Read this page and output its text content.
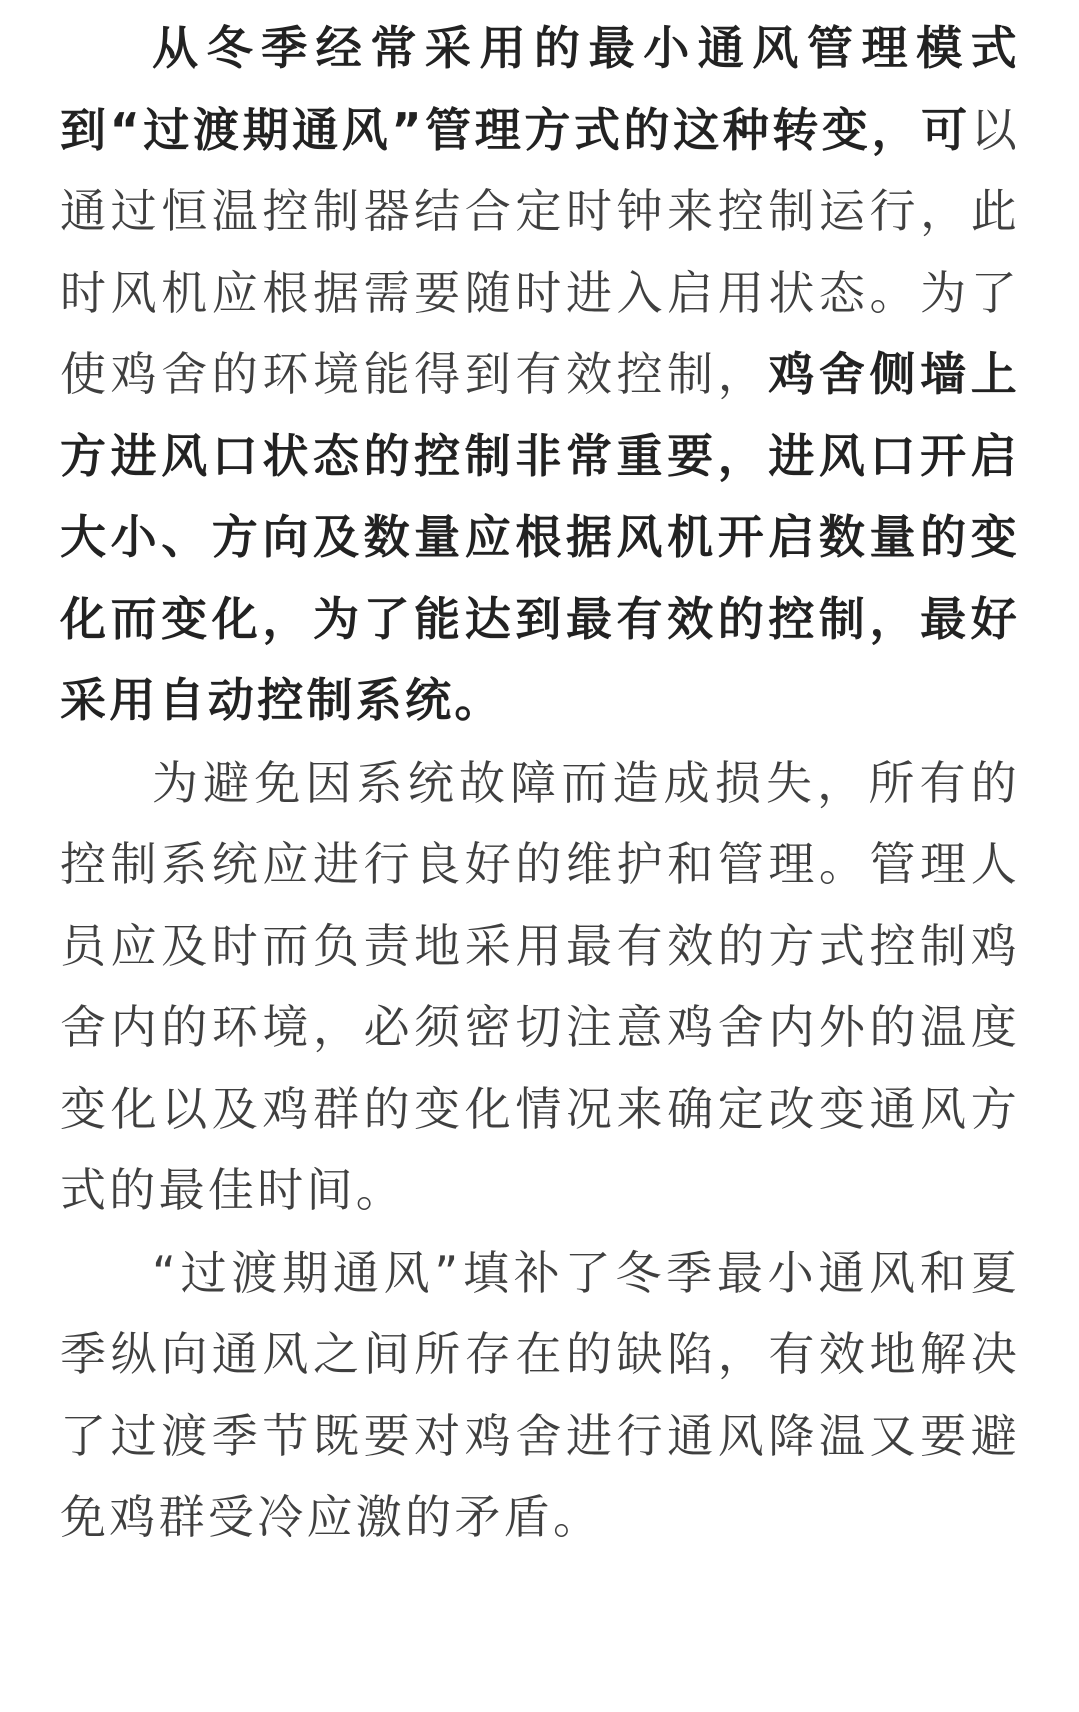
从冬季经常采用的最小通风管理模式到“过渡期通风”管理方式的这种转变，可以通过恒温控制器结合定时钟来控制运行，此时风机应根据需要随时进入启用状态。为了使鸡舍的环境能得到有效控制，鸡舍侧墙上方进风口状态的控制非常重要，进风口开启大小、方向及数量应根据风机开启数量的变化而变化，为了能达到最有效的控制，最好采用自动控制系统。

为避免因系统故障而造成损失，所有的控制系统应进行良好的维护和管理。管理人员应及时而负责地采用最有效的方式控制鸡舍内的环境，必须密切注意鸡舍内外的温度变化以及鸡群的变化情况来确定改变通风方式的最佳时间。

“过渡期通风”填补了冬季最小通风和夏季纵向通风之间所存在的缺陷，有效地解决了过渡季节既要对鸡舍进行通风降温又要避免鸡群受冷应激的矛盾。
